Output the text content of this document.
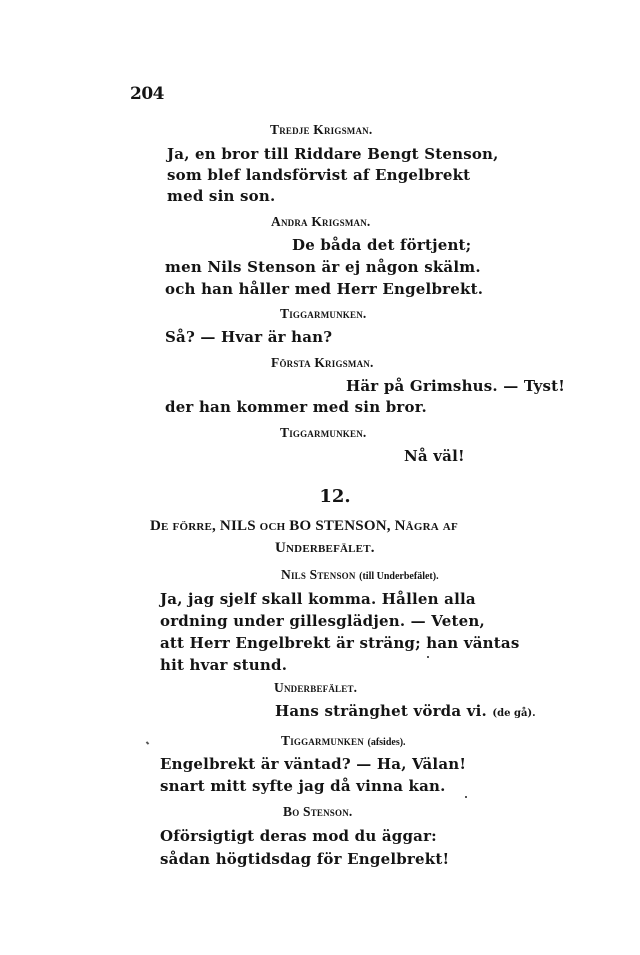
204
Tredje Krigsman.
Ja, en bror till Riddare Bengt Stenson,
som blef landsförvist af Engelbrekt
med sin son.
Andra Krigsman.
De båda det förtjent;
men Nils Stenson är ej någon skälm.
och han håller med Herr Engelbrekt.
Tiggarmunken.
Så? — Hvar är han?
Första Krigsman.
Här på Grimshus. — Tyst!
der han kommer med sin bror.
Tiggarmunken.
Nå väl!
12.
De förre, NILS och BO STENSON, Några af
Underbefälet.
Nils Stenson (till Underbefälet).
Ja, jag sjelf skall komma. Hållen alla
ordning under gillesglädjen. — Veten,
att Herr Engelbrekt är sträng; han väntas
hit hvar stund.
Underbefälet.
Hans stränghet vörda vi. (de gå).
Tiggarmunken (afsides).
Engelbrekt är väntad? — Ha, Välan!
snart mitt syfte jag då vinna kan.
Bo Stenson.
Oförsigtigt deras mod du äggar:
sådan högtidsdag för Engelbrekt!
